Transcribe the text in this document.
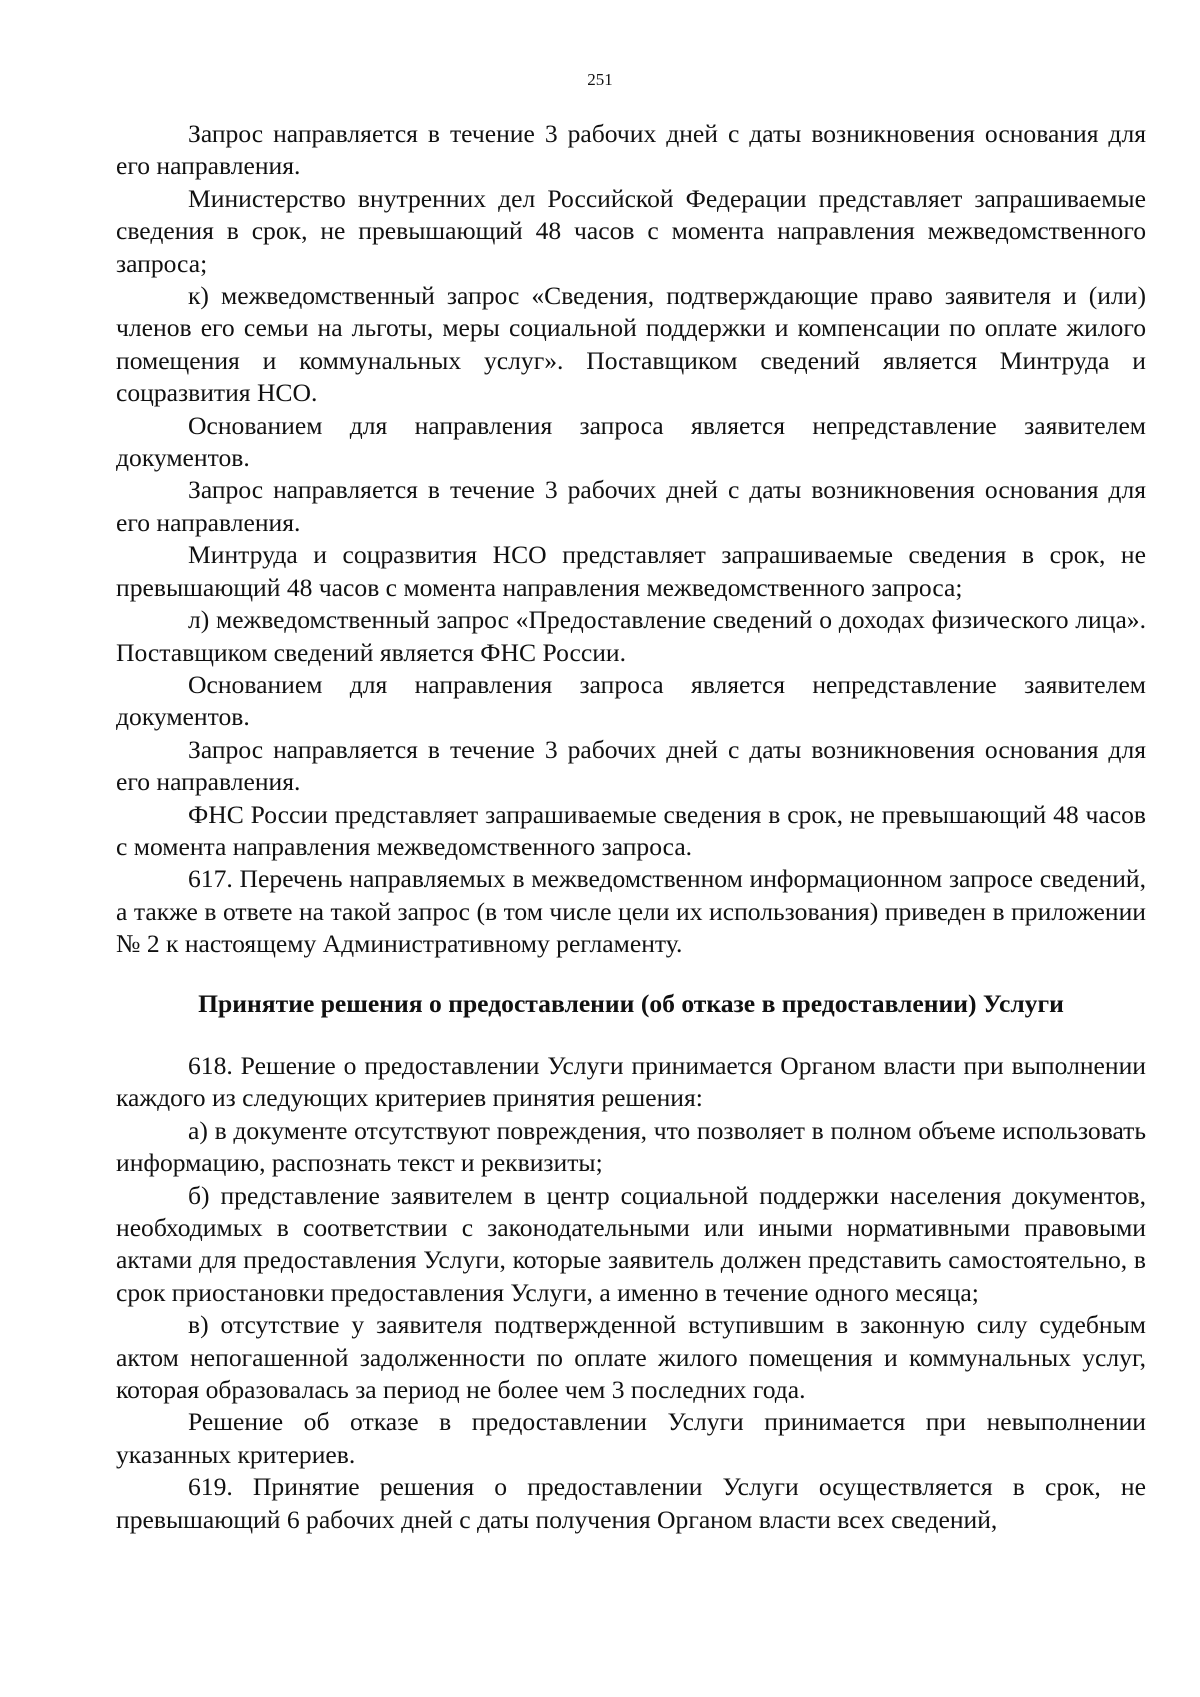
251

Запрос направляется в течение 3 рабочих дней с даты возникновения основания для его направления.

Министерство внутренних дел Российской Федерации представляет запрашиваемые сведения в срок, не превышающий 48 часов с момента направления межведомственного запроса;

к) межведомственный запрос «Сведения, подтверждающие право заявителя и (или) членов его семьи на льготы, меры социальной поддержки и компенсации по оплате жилого помещения и коммунальных услуг». Поставщиком сведений является Минтруда и соцразвития НСО.

Основанием для направления запроса является непредставление заявителем документов.

Запрос направляется в течение 3 рабочих дней с даты возникновения основания для его направления.

Минтруда и соцразвития НСО представляет запрашиваемые сведения в срок, не превышающий 48 часов с момента направления межведомственного запроса;

л) межведомственный запрос «Предоставление сведений о доходах физического лица». Поставщиком сведений является ФНС России.

Основанием для направления запроса является непредставление заявителем документов.

Запрос направляется в течение 3 рабочих дней с даты возникновения основания для его направления.

ФНС России представляет запрашиваемые сведения в срок, не превышающий 48 часов с момента направления межведомственного запроса.

617. Перечень направляемых в межведомственном информационном запросе сведений, а также в ответе на такой запрос (в том числе цели их использования) приведен в приложении № 2 к настоящему Административному регламенту.

Принятие решения о предоставлении (об отказе в предоставлении) Услуги

618. Решение о предоставлении Услуги принимается Органом власти при выполнении каждого из следующих критериев принятия решения:

а) в документе отсутствуют повреждения, что позволяет в полном объеме использовать информацию, распознать текст и реквизиты;

б) представление заявителем в центр социальной поддержки населения документов, необходимых в соответствии с законодательными или иными нормативными правовыми актами для предоставления Услуги, которые заявитель должен представить самостоятельно, в срок приостановки предоставления Услуги, а именно в течение одного месяца;

в) отсутствие у заявителя подтвержденной вступившим в законную силу судебным актом непогашенной задолженности по оплате жилого помещения и коммунальных услуг, которая образовалась за период не более чем 3 последних года.

Решение об отказе в предоставлении Услуги принимается при невыполнении указанных критериев.

619. Принятие решения о предоставлении Услуги осуществляется в срок, не превышающий 6 рабочих дней с даты получения Органом власти всех сведений,
